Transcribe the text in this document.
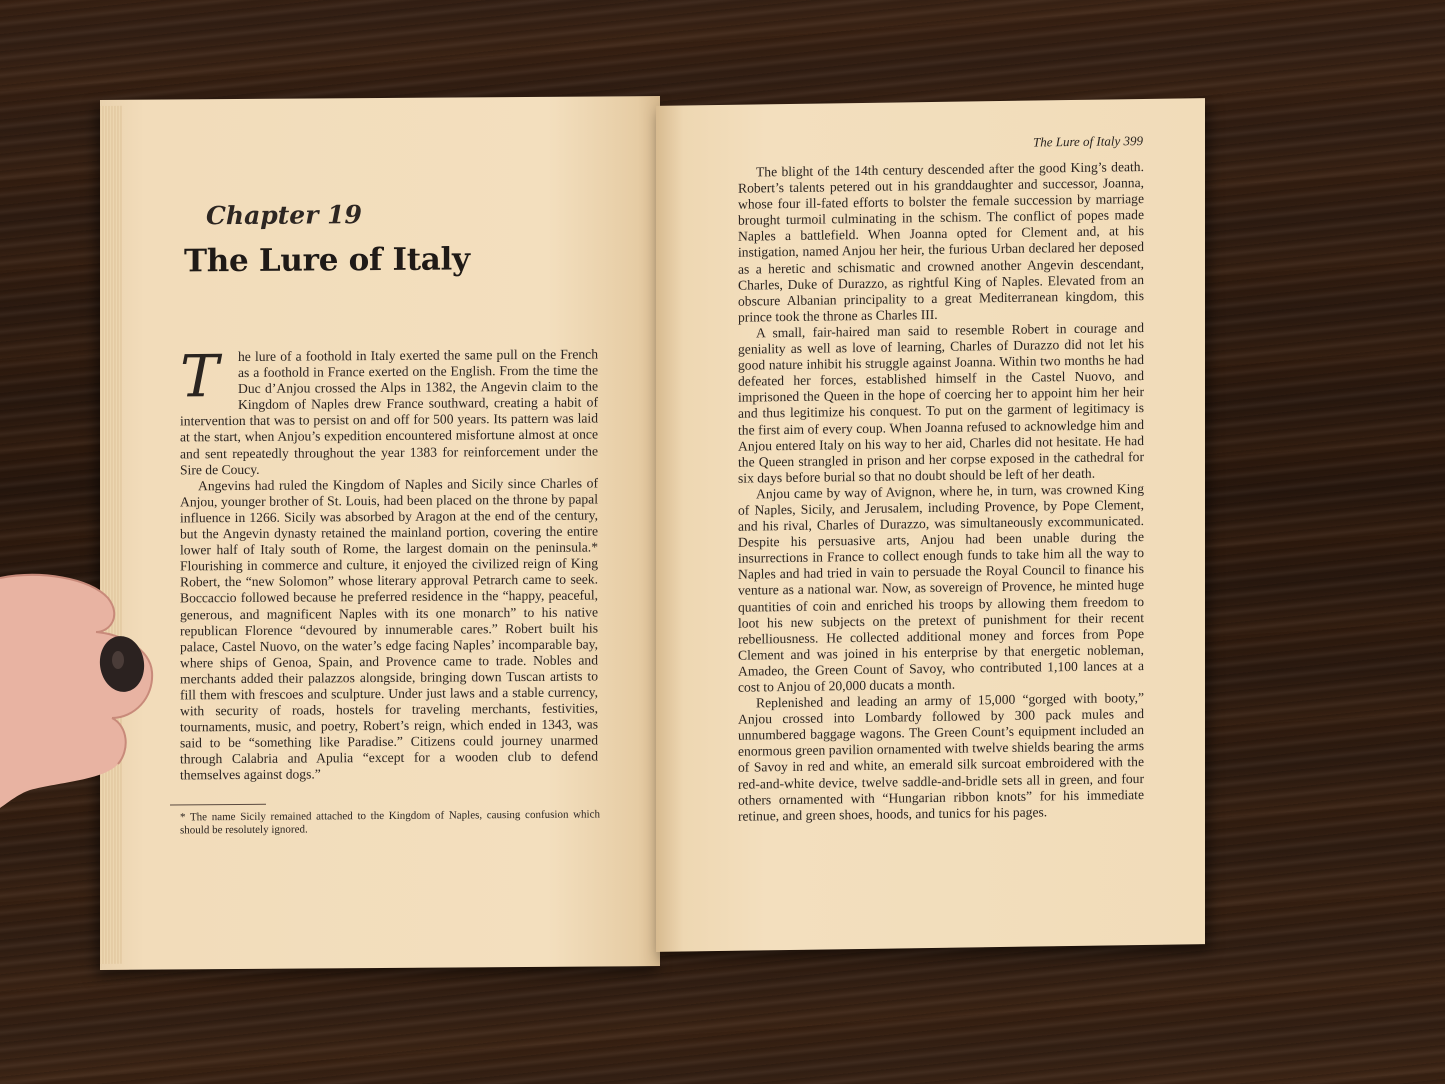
Chapter 19
The Lure of Italy

T	he lure of a foothold in Italy exerted the same pull on the French as a foothold in France exerted on the English. From the time the Duc d’Anjou crossed the Alps in 1382, the Angevin claim to the Kingdom of Naples drew France southward, creating a habit of intervention that was to persist on and off for 500 years. Its pattern was laid at the start, when Anjou’s expedition encountered misfortune almost at once and sent repeatedly throughout the year 1383 for reinforcement under the Sire de Coucy.

Angevins had ruled the Kingdom of Naples and Sicily since Charles of Anjou, younger brother of St. Louis, had been placed on the throne by papal influence in 1266. Sicily was absorbed by Aragon at the end of the century, but the Angevin dynasty retained the mainland portion, covering the entire lower half of Italy south of Rome, the largest domain on the peninsula.* Flourishing in commerce and culture, it enjoyed the civilized reign of King Robert, the “new Solomon” whose literary approval Petrarch came to seek. Boccaccio followed because he preferred residence in the “happy, peaceful, generous, and magnificent Naples with its one monarch” to his native republican Florence “devoured by innumerable cares.” Robert built his palace, Castel Nuovo, on the water’s edge facing Naples’ incomparable bay, where ships of Genoa, Spain, and Provence came to trade. Nobles and merchants added their palazzos alongside, bringing down Tuscan artists to fill them with frescoes and sculpture. Under just laws and a stable currency, with security of roads, hostels for traveling merchants, festivities, tournaments, music, and poetry, Robert’s reign, which ended in 1343, was said to be “something like Paradise.” Citizens could journey unarmed through Calabria and Apulia “except for a wooden club to defend themselves against dogs.”

* The name Sicily remained attached to the Kingdom of Naples, causing confusion which should be resolutely ignored.
The Lure of Italy 399

The blight of the 14th century descended after the good King’s death. Robert’s talents petered out in his granddaughter and successor, Joanna, whose four ill-fated efforts to bolster the female succession by marriage brought turmoil culminating in the schism. The conflict of popes made Naples a battlefield. When Joanna opted for Clement and, at his instigation, named Anjou her heir, the furious Urban declared her deposed as a heretic and schismatic and crowned another Angevin descendant, Charles, Duke of Durazzo, as rightful King of Naples. Elevated from an obscure Albanian principality to a great Mediterranean kingdom, this prince took the throne as Charles III.

A small, fair-haired man said to resemble Robert in courage and geniality as well as love of learning, Charles of Durazzo did not let his good nature inhibit his struggle against Joanna. Within two months he had defeated her forces, established himself in the Castel Nuovo, and imprisoned the Queen in the hope of coercing her to appoint him her heir and thus legitimize his conquest. To put on the garment of legitimacy is the first aim of every coup. When Joanna refused to acknowledge him and Anjou entered Italy on his way to her aid, Charles did not hesitate. He had the Queen strangled in prison and her corpse exposed in the cathedral for six days before burial so that no doubt should be left of her death.

Anjou came by way of Avignon, where he, in turn, was crowned King of Naples, Sicily, and Jerusalem, including Provence, by Pope Clement, and his rival, Charles of Durazzo, was simultaneously excommunicated. Despite his persuasive arts, Anjou had been unable during the insurrections in France to collect enough funds to take him all the way to Naples and had tried in vain to persuade the Royal Council to finance his venture as a national war. Now, as sovereign of Provence, he minted huge quantities of coin and enriched his troops by allowing them freedom to loot his new subjects on the pretext of punishment for their recent rebelliousness. He collected additional money and forces from Pope Clement and was joined in his enterprise by that energetic nobleman, Amadeo, the Green Count of Savoy, who contributed 1,100 lances at a cost to Anjou of 20,000 ducats a month.

Replenished and leading an army of 15,000 “gorged with booty,” Anjou crossed into Lombardy followed by 300 pack mules and unnumbered baggage wagons. The Green Count’s equipment included an enormous green pavilion ornamented with twelve shields bearing the arms of Savoy in red and white, an emerald silk surcoat embroidered with the red-and-white device, twelve saddle-and-bridle sets all in green, and four others ornamented with “Hungarian ribbon knots” for his immediate retinue, and green shoes, hoods, and tunics for his pages.
